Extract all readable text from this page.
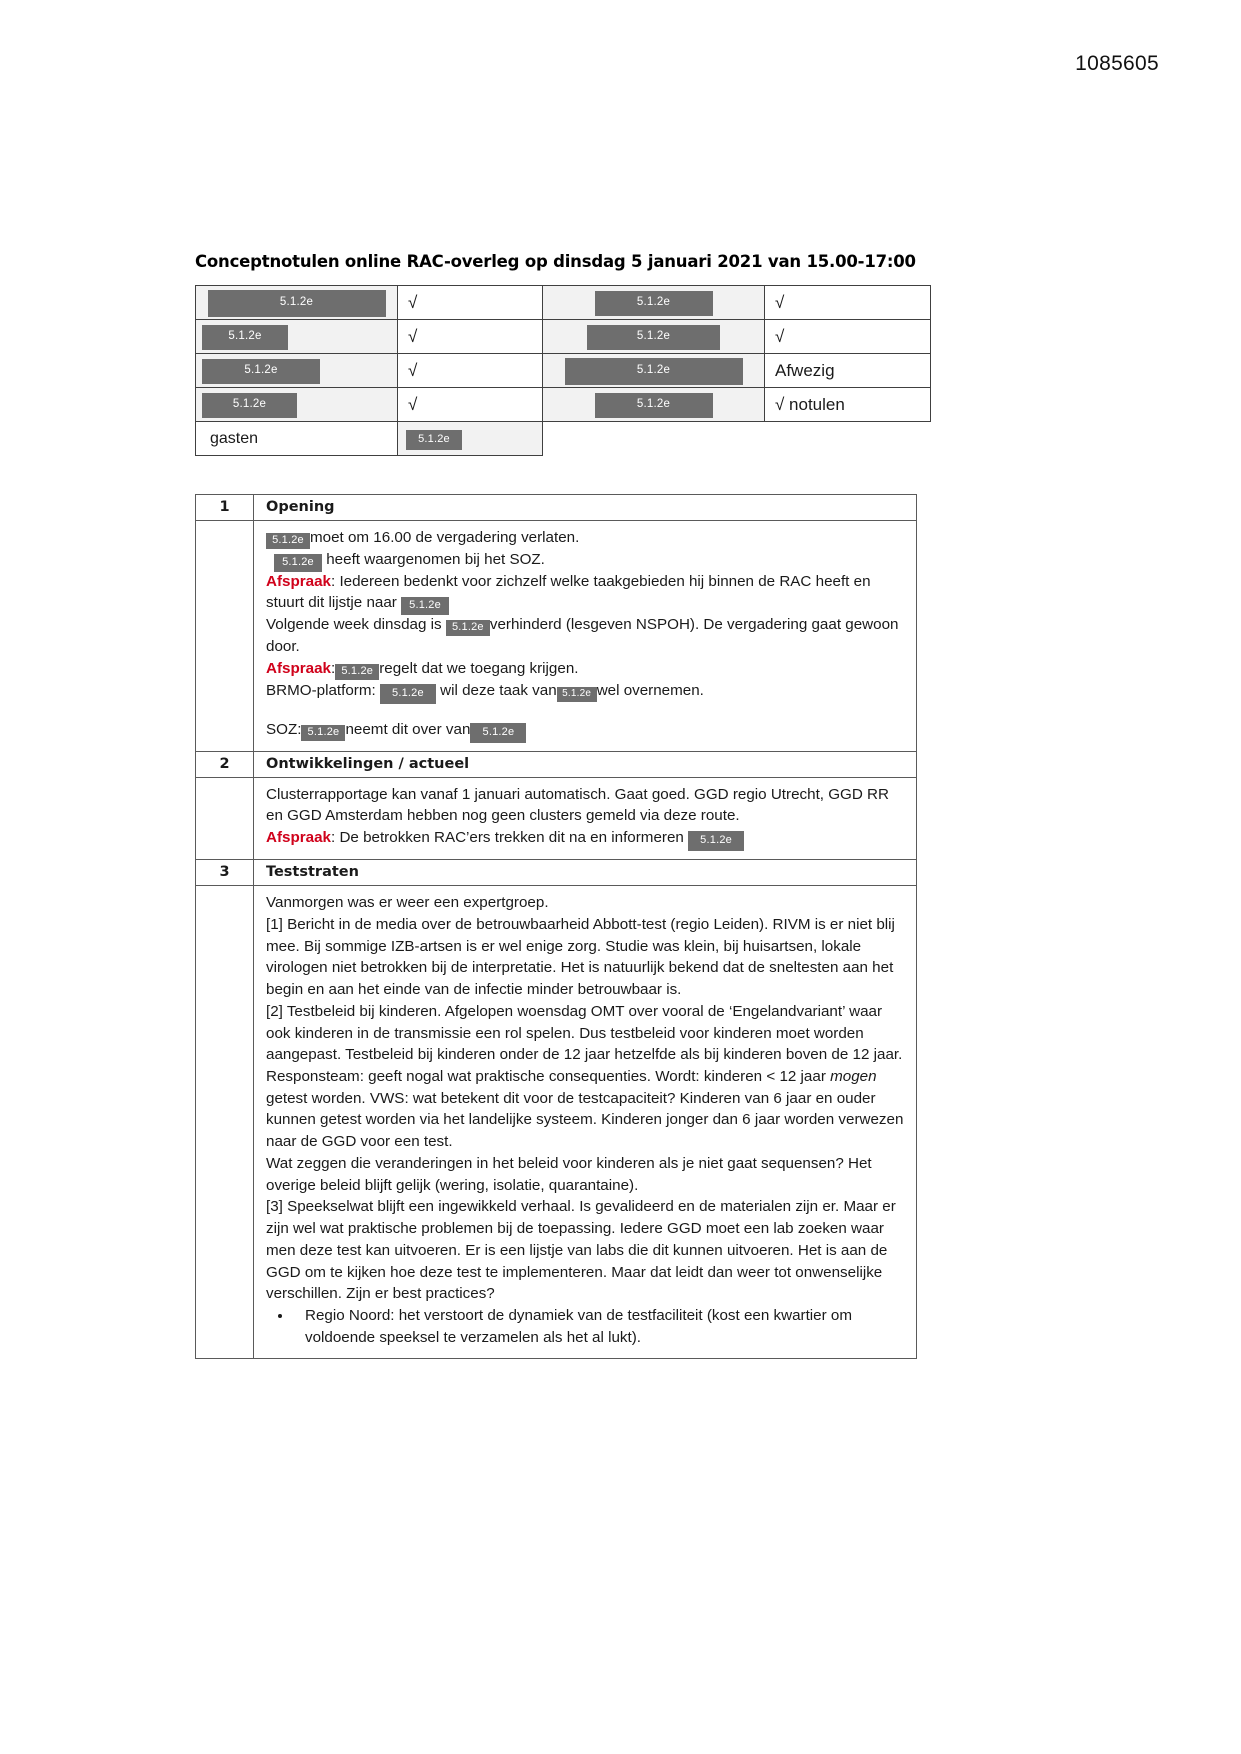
1085605
Conceptnotulen online RAC-overleg op dinsdag 5 januari 2021 van 15.00-17:00
5.1.2e	√	5.1.2e	√
5.1.2e	√	5.1.2e	√
5.1.2e	√	5.1.2e	Afwezig
5.1.2e	√	5.1.2e	√ notulen
gasten	5.1.2e		
1	Opening

5.1.2e moet om 16.00 de vergadering verlaten.

5.1.2e heeft waargenomen bij het SOZ.

Afspraak: Iedereen bedenkt voor zichzelf welke taakgebieden hij binnen de RAC heeft en stuurt dit lijstje naar 5.1.2e

Volgende week dinsdag is 5.1.2e verhinderd (lesgeven NSPOH). De vergadering gaat gewoon door.

Afspraak: 5.1.2e regelt dat we toegang krijgen.

BRMO-platform: 5.1.2e wil deze taak van 5.1.2e wel overnemen.

SOZ: 5.1.2e neemt dit over van 5.1.2e

2	Ontwikkelingen / actueel

	Clusterrapportage kan vanaf 1 januari automatisch. Gaat goed. GGD regio Utrecht, GGD RR en GGD Amsterdam hebben nog geen clusters gemeld via deze route.

Afspraak: De betrokken RAC’ers trekken dit na en informeren 5.1.2e

3	Teststraten

Vanmorgen was er weer een expertgroep.

[1] Bericht in de media over de betrouwbaarheid Abbott-test (regio Leiden). RIVM is er niet blij mee. Bij sommige IZB-artsen is er wel enige zorg. Studie was klein, bij huisartsen, lokale virologen niet betrokken bij de interpretatie. Het is natuurlijk bekend dat de sneltesten aan het begin en aan het einde van de infectie minder betrouwbaar is.

[2] Testbeleid bij kinderen. Afgelopen woensdag OMT over vooral de ‘Engelandvariant’ waar ook kinderen in de transmissie een rol spelen. Dus testbeleid voor kinderen moet worden aangepast. Testbeleid bij kinderen onder de 12 jaar hetzelfde als bij kinderen boven de 12 jaar. Responsteam: geeft nogal wat praktische consequenties. Wordt: kinderen < 12 jaar mogen getest worden. VWS: wat betekent dit voor de testcapaciteit? Kinderen van 6 jaar en ouder kunnen getest worden via het landelijke systeem. Kinderen jonger dan 6 jaar worden verwezen naar de GGD voor een test.

Wat zeggen die veranderingen in het beleid voor kinderen als je niet gaat sequensen? Het overige beleid blijft gelijk (wering, isolatie, quarantaine).

[3] Speekselwat blijft een ingewikkeld verhaal. Is gevalideerd en de materialen zijn er. Maar er zijn wel wat praktische problemen bij de toepassing. Iedere GGD moet een lab zoeken waar men deze test kan uitvoeren. Er is een lijstje van labs die dit kunnen uitvoeren. Het is aan de GGD om te kijken hoe deze test te implementeren. Maar dat leidt dan weer tot onwenselijke verschillen. Zijn er best practices?

• Regio Noord: het verstoort de dynamiek van de testfaciliteit (kost een kwartier om voldoende speeksel te verzamelen als het al lukt).
